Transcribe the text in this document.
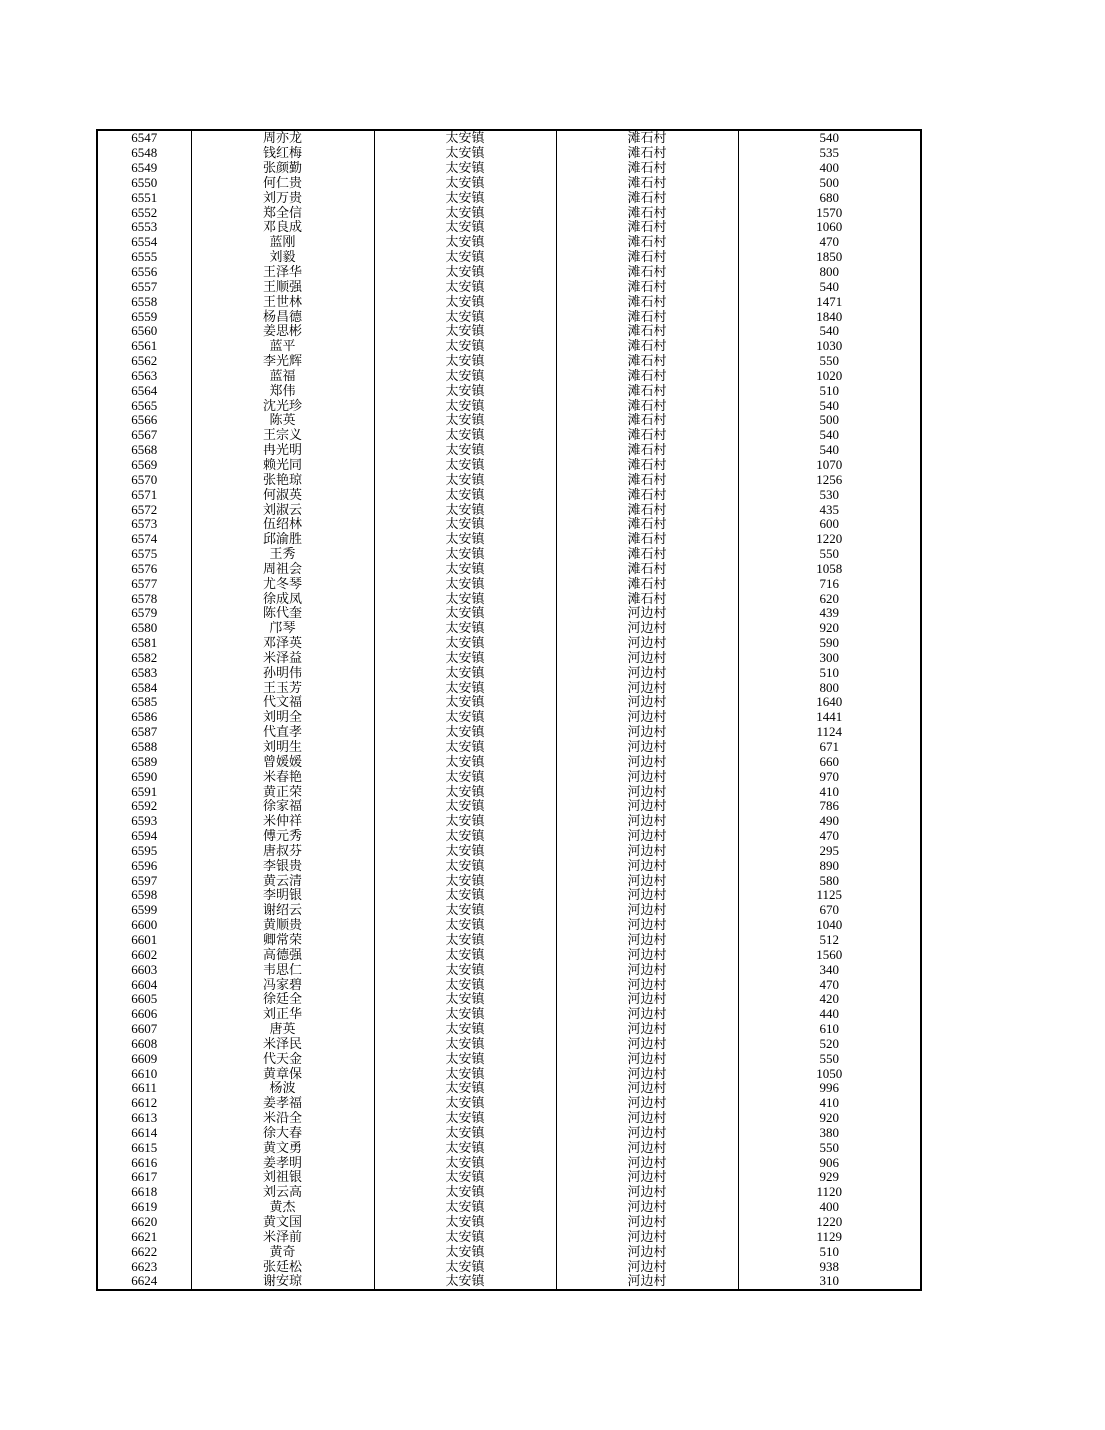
6547	周亦龙	太安镇	滩石村	540
6548	钱红梅	太安镇	滩石村	535
6549	张颜勤	太安镇	滩石村	400
6550	何仁贵	太安镇	滩石村	500
6551	刘万贵	太安镇	滩石村	680
6552	郑全信	太安镇	滩石村	1570
6553	邓良成	太安镇	滩石村	1060
6554	蓝刚	太安镇	滩石村	470
6555	刘毅	太安镇	滩石村	1850
6556	王泽华	太安镇	滩石村	800
6557	王顺强	太安镇	滩石村	540
6558	王世林	太安镇	滩石村	1471
6559	杨昌德	太安镇	滩石村	1840
6560	姜思彬	太安镇	滩石村	540
6561	蓝平	太安镇	滩石村	1030
6562	李光辉	太安镇	滩石村	550
6563	蓝福	太安镇	滩石村	1020
6564	郑伟	太安镇	滩石村	510
6565	沈光珍	太安镇	滩石村	540
6566	陈英	太安镇	滩石村	500
6567	王宗义	太安镇	滩石村	540
6568	冉光明	太安镇	滩石村	540
6569	赖光同	太安镇	滩石村	1070
6570	张艳琼	太安镇	滩石村	1256
6571	何淑英	太安镇	滩石村	530
6572	刘淑云	太安镇	滩石村	435
6573	伍绍林	太安镇	滩石村	600
6574	邱渝胜	太安镇	滩石村	1220
6575	王秀	太安镇	滩石村	550
6576	周祖会	太安镇	滩石村	1058
6577	尤冬琴	太安镇	滩石村	716
6578	徐成凤	太安镇	滩石村	620
6579	陈代奎	太安镇	河边村	439
6580	邝琴	太安镇	河边村	920
6581	邓泽英	太安镇	河边村	590
6582	米泽益	太安镇	河边村	300
6583	孙明伟	太安镇	河边村	510
6584	王玉芳	太安镇	河边村	800
6585	代文福	太安镇	河边村	1640
6586	刘明全	太安镇	河边村	1441
6587	代直孝	太安镇	河边村	1124
6588	刘明生	太安镇	河边村	671
6589	曾媛媛	太安镇	河边村	660
6590	米春艳	太安镇	河边村	970
6591	黄正荣	太安镇	河边村	410
6592	徐家福	太安镇	河边村	786
6593	米仲祥	太安镇	河边村	490
6594	傅元秀	太安镇	河边村	470
6595	唐叔芬	太安镇	河边村	295
6596	李银贵	太安镇	河边村	890
6597	黄云清	太安镇	河边村	580
6598	李明银	太安镇	河边村	1125
6599	谢绍云	太安镇	河边村	670
6600	黄顺贵	太安镇	河边村	1040
6601	卿常荣	太安镇	河边村	512
6602	高德强	太安镇	河边村	1560
6603	韦思仁	太安镇	河边村	340
6604	冯家碧	太安镇	河边村	470
6605	徐廷全	太安镇	河边村	420
6606	刘正华	太安镇	河边村	440
6607	唐英	太安镇	河边村	610
6608	米泽民	太安镇	河边村	520
6609	代天金	太安镇	河边村	550
6610	黄章保	太安镇	河边村	1050
6611	杨波	太安镇	河边村	996
6612	姜孝福	太安镇	河边村	410
6613	米沿全	太安镇	河边村	920
6614	徐大春	太安镇	河边村	380
6615	黄文勇	太安镇	河边村	550
6616	姜孝明	太安镇	河边村	906
6617	刘祖银	太安镇	河边村	929
6618	刘云高	太安镇	河边村	1120
6619	黄杰	太安镇	河边村	400
6620	黄文国	太安镇	河边村	1220
6621	米泽前	太安镇	河边村	1129
6622	黄奇	太安镇	河边村	510
6623	张廷松	太安镇	河边村	938
6624	谢安琼	太安镇	河边村	310
